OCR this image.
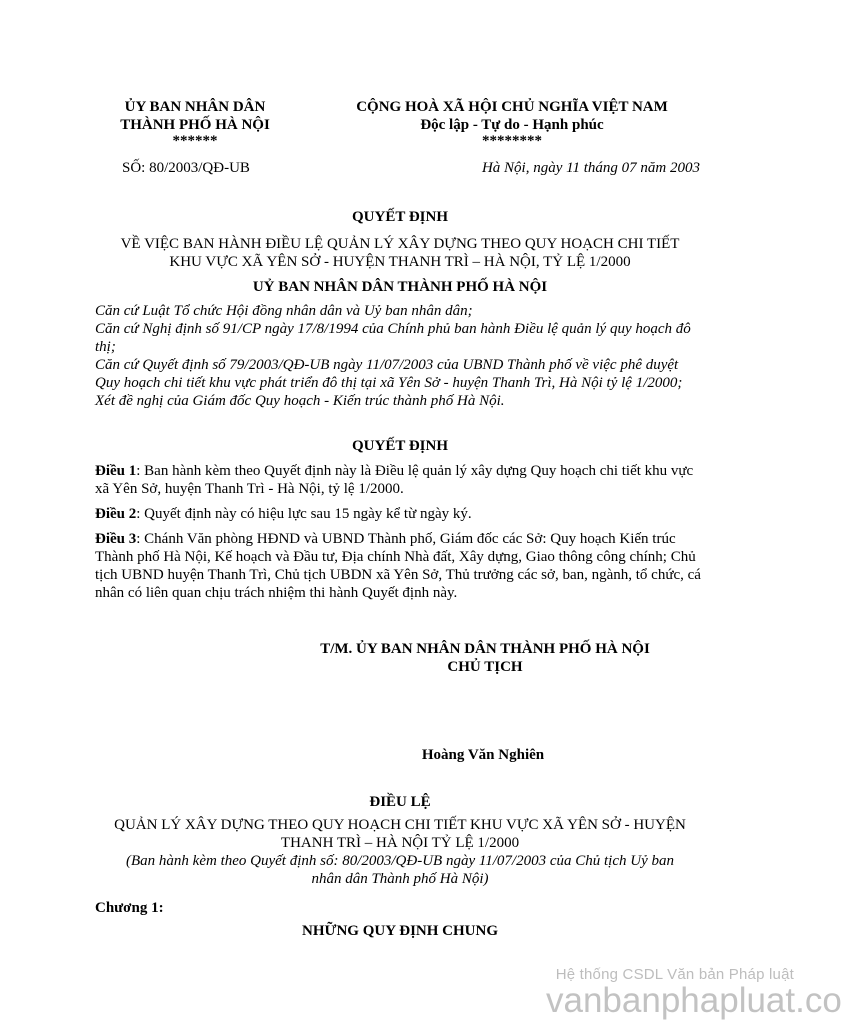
ỦY BAN NHÂN DÂN
THÀNH PHỐ HÀ NỘI
******
CỘNG HOÀ XÃ HỘI CHỦ NGHĨA VIỆT NAM
Độc lập - Tự do - Hạnh phúc
********
SỐ: 80/2003/QĐ-UB	Hà Nội, ngày 11 tháng 07 năm 2003
QUYẾT ĐỊNH
VỀ VIỆC BAN HÀNH ĐIỀU LỆ QUẢN LÝ XÂY DỰNG THEO QUY HOẠCH CHI TIẾT
KHU VỰC XÃ YÊN SỞ - HUYỆN THANH TRÌ – HÀ NỘI, TỶ LỆ 1/2000
UỶ BAN NHÂN DÂN THÀNH PHỐ HÀ NỘI

Căn cứ Luật Tổ chức Hội đồng nhân dân và Uỷ ban nhân dân;

Căn cứ Nghị định số 91/CP ngày 17/8/1994 của Chính phủ ban hành Điều lệ quản lý quy hoạch đô thị;

Căn cứ Quyết định số 79/2003/QĐ-UB ngày 11/07/2003 của UBND Thành phố về việc phê duyệt Quy hoạch chi tiết khu vực phát triển đô thị tại xã Yên Sở - huyện Thanh Trì, Hà Nội tỷ lệ 1/2000;

Xét đề nghị của Giám đốc Quy hoạch - Kiến trúc thành phố Hà Nội.

QUYẾT ĐỊNH

Điều 1: Ban hành kèm theo Quyết định này là Điều lệ quản lý xây dựng Quy hoạch chi tiết khu vực xã Yên Sở, huyện Thanh Trì - Hà Nội, tỷ lệ 1/2000.

Điều 2: Quyết định này có hiệu lực sau 15 ngày kể từ ngày ký.

Điều 3: Chánh Văn phòng HĐND và UBND Thành phố, Giám đốc các Sở: Quy hoạch Kiến trúc Thành phố Hà Nội, Kế hoạch và Đầu tư, Địa chính Nhà đất, Xây dựng, Giao thông công chính; Chủ tịch UBND huyện Thanh Trì, Chủ tịch UBDN xã Yên Sở, Thủ trưởng các sở, ban, ngành, tổ chức, cá nhân có liên quan chịu trách nhiệm thi hành Quyết định này.

T/M. ỦY BAN NHÂN DÂN THÀNH PHỐ HÀ NỘI
CHỦ TỊCH
Hoàng Văn Nghiên
ĐIỀU LỆ
QUẢN LÝ XÂY DỰNG THEO QUY HOẠCH CHI TIẾT KHU VỰC XÃ YÊN SỞ - HUYỆN
THANH TRÌ – HÀ NỘI TỶ LỆ 1/2000
(Ban hành kèm theo Quyết định số: 80/2003/QĐ-UB ngày 11/07/2003 của Chủ tịch Uỷ ban
nhân dân Thành phố Hà Nội)
Chương 1:
NHỮNG QUY ĐỊNH CHUNG
Hệ thống CSDL Văn bản Pháp luật
vanbanphapluat.co
